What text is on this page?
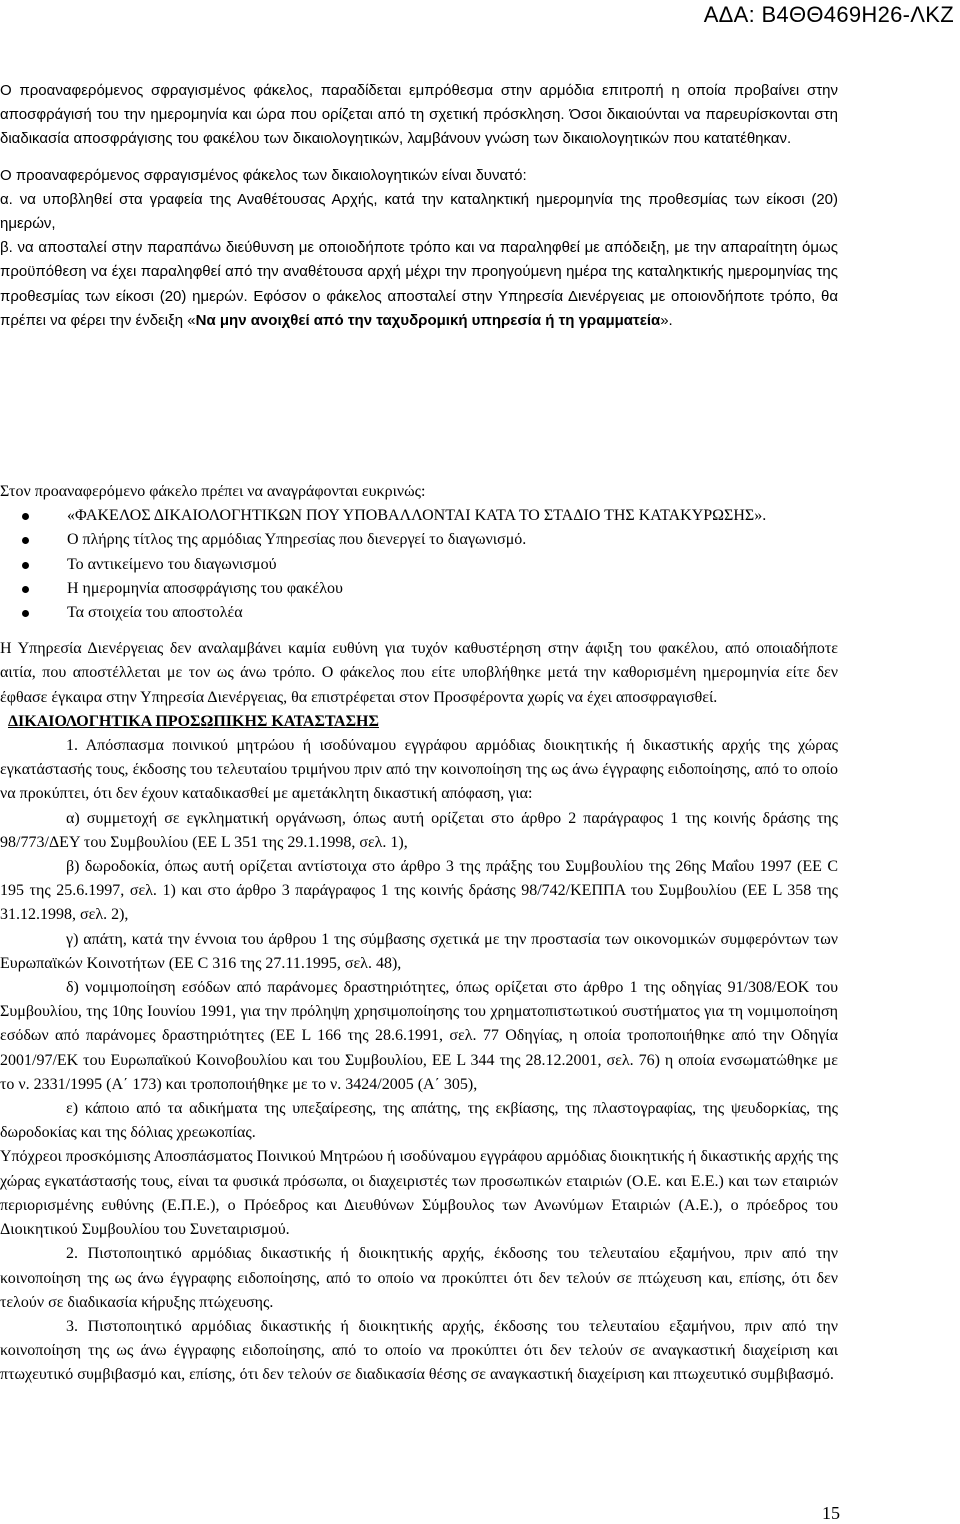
ΑΔΑ: Β4ΘΘ469Η26-ΛΚΖ

Ο προαναφερόμενος σφραγισμένος φάκελος, παραδίδεται εμπρόθεσμα στην αρμόδια επιτροπή η οποία προβαίνει στην αποσφράγισή του την ημερομηνία και ώρα που ορίζεται από τη σχετική πρόσκληση. Όσοι δικαιούνται να παρευρίσκονται στη διαδικασία αποσφράγισης του φακέλου των δικαιολογητικών, λαμβάνουν γνώση των δικαιολογητικών που κατατέθηκαν.

Ο προαναφερόμενος σφραγισμένος φάκελος των δικαιολογητικών είναι δυνατό:

α. να υποβληθεί στα γραφεία της Αναθέτουσας Αρχής, κατά την καταληκτική ημερομηνία της προθεσμίας των είκοσι (20) ημερών,

β. να αποσταλεί στην παραπάνω διεύθυνση με οποιοδήποτε τρόπο και να παραληφθεί με απόδειξη, με την απαραίτητη όμως προϋπόθεση να έχει παραληφθεί από την αναθέτουσα αρχή μέχρι την προηγούμενη ημέρα της καταληκτικής ημερομηνίας της προθεσμίας των είκοσι (20) ημερών. Εφόσον ο φάκελος αποσταλεί στην Υπηρεσία Διενέργειας με οποιονδήποτε τρόπο, θα πρέπει να φέρει την ένδειξη «Να μην ανοιχθεί από την ταχυδρομική υπηρεσία ή τη γραμματεία».

Στον προαναφερόμενο φάκελο πρέπει να αναγράφονται ευκρινώς:

«ΦΑΚΕΛΟΣ ΔΙΚΑΙΟΛΟΓΗΤΙΚΩΝ ΠΟΥ ΥΠΟΒΑΛΛΟΝΤΑΙ ΚΑΤΑ ΤΟ ΣΤΑΔΙΟ ΤΗΣ ΚΑΤΑΚΥΡΩΣΗΣ».
Ο πλήρης τίτλος της αρμόδιας Υπηρεσίας που διενεργεί το διαγωνισμό.
Το αντικείμενο του διαγωνισμού
Η ημερομηνία αποσφράγισης του φακέλου
Τα στοιχεία του αποστολέα

Η Υπηρεσία Διενέργειας δεν αναλαμβάνει καμία ευθύνη για τυχόν καθυστέρηση στην άφιξη του φακέλου, από οποιαδήποτε αιτία, που αποστέλλεται με τον ως άνω τρόπο. Ο φάκελος που είτε υποβλήθηκε μετά την καθορισμένη ημερομηνία είτε δεν έφθασε έγκαιρα στην Υπηρεσία Διενέργειας, θα επιστρέφεται στον Προσφέροντα χωρίς να έχει αποσφραγισθεί.

ΔΙΚΑΙΟΛΟΓΗΤΙΚΑ ΠΡΟΣΩΠΙΚΗΣ ΚΑΤΑΣΤΑΣΗΣ

1. Απόσπασμα ποινικού μητρώου ή ισοδύναμου εγγράφου αρμόδιας διοικητικής ή δικαστικής αρχής της χώρας εγκατάστασής τους, έκδοσης του τελευταίου τριμήνου πριν από την κοινοποίηση της ως άνω έγγραφης ειδοποίησης, από το οποίο να προκύπτει, ότι δεν έχουν καταδικασθεί με αμετάκλητη δικαστική απόφαση, για:

α) συμμετοχή σε εγκληματική οργάνωση, όπως αυτή ορίζεται στο άρθρο 2 παράγραφος 1 της κοινής δράσης της 98/773/ΔΕΥ του Συμβουλίου (ΕΕ L 351 της 29.1.1998, σελ. 1),

β) δωροδοκία, όπως αυτή ορίζεται αντίστοιχα στο άρθρο 3 της πράξης του Συμβουλίου της 26ης Μαΐου 1997 (ΕΕ C 195 της 25.6.1997, σελ. 1) και στο άρθρο 3 παράγραφος 1 της κοινής δράσης 98/742/ΚΕΠΠΑ του Συμβουλίου (ΕΕ L 358 της 31.12.1998, σελ. 2),

γ) απάτη, κατά την έννοια του άρθρου 1 της σύμβασης σχετικά με την προστασία των οικονομικών συμφερόντων των Ευρωπαϊκών Κοινοτήτων (ΕΕ C 316 της 27.11.1995, σελ. 48),

δ) νομιμοποίηση εσόδων από παράνομες δραστηριότητες, όπως ορίζεται στο άρθρο 1 της οδηγίας 91/308/ΕΟΚ του Συμβουλίου, της 10ης Ιουνίου 1991, για την πρόληψη χρησιμοποίησης του χρηματοπιστωτικού συστήματος για τη νομιμοποίηση εσόδων από παράνομες δραστηριότητες (ΕΕ L 166 της 28.6.1991, σελ. 77 Οδηγίας, η οποία τροποποιήθηκε από την Οδηγία 2001/97/ΕΚ του Ευρωπαϊκού Κοινοβουλίου και του Συμβουλίου, ΕΕ L 344 της 28.12.2001, σελ. 76) η οποία ενσωματώθηκε με το ν. 2331/1995 (Α΄ 173) και τροποποιήθηκε με το ν. 3424/2005 (Α΄ 305),

ε) κάποιο από τα αδικήματα της υπεξαίρεσης, της απάτης, της εκβίασης, της πλαστογραφίας, της ψευδορκίας, της δωροδοκίας και της δόλιας χρεωκοπίας.

Υπόχρεοι προσκόμισης Αποσπάσματος Ποινικού Μητρώου ή ισοδύναμου εγγράφου αρμόδιας διοικητικής ή δικαστικής αρχής της χώρας εγκατάστασής τους, είναι τα φυσικά πρόσωπα, οι διαχειριστές των προσωπικών εταιριών (Ο.Ε. και Ε.Ε.) και των εταιριών περιορισμένης ευθύνης (Ε.Π.Ε.), ο Πρόεδρος και Διευθύνων Σύμβουλος των Ανωνύμων Εταιριών (Α.Ε.), ο πρόεδρος του Διοικητικού Συμβουλίου του Συνεταιρισμού.

2. Πιστοποιητικό αρμόδιας δικαστικής ή διοικητικής αρχής, έκδοσης του τελευταίου εξαμήνου, πριν από την κοινοποίηση της ως άνω έγγραφης ειδοποίησης, από το οποίο να προκύπτει ότι δεν τελούν σε πτώχευση και, επίσης, ότι δεν τελούν σε διαδικασία κήρυξης πτώχευσης.

3. Πιστοποιητικό αρμόδιας δικαστικής ή διοικητικής αρχής, έκδοσης του τελευταίου εξαμήνου, πριν από την κοινοποίηση της ως άνω έγγραφης ειδοποίησης, από το οποίο να προκύπτει ότι δεν τελούν σε αναγκαστική διαχείριση και πτωχευτικό συμβιβασμό και, επίσης, ότι δεν τελούν σε διαδικασία θέσης σε αναγκαστική διαχείριση και πτωχευτικό συμβιβασμό.

15
